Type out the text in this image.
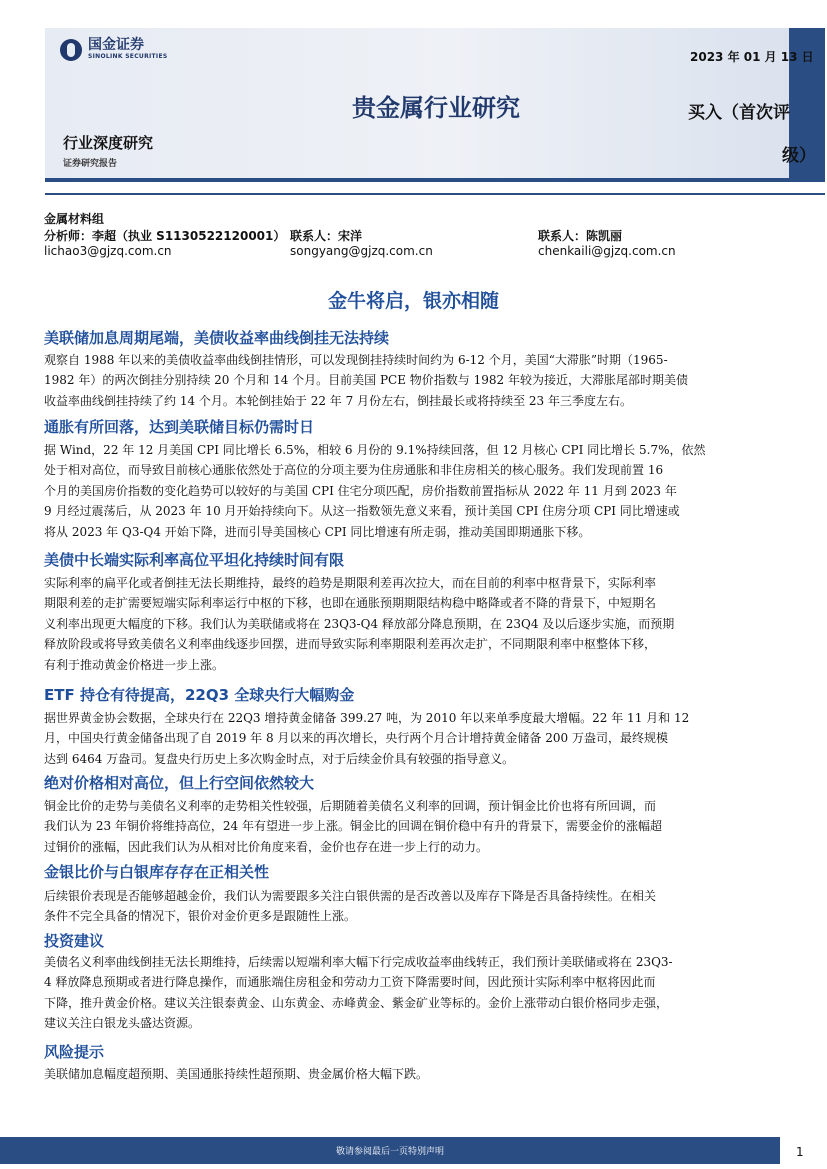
国金证券
SINOLINK SECURITIES	2023 年 01 月 13 日
贵金属行业研究	买入（首次评
级）
行业深度研究
证券研究报告
金属材料组
分析师：李超（执业 S1130522120001）
lichao3@gjzq.com.cn
联系人：宋洋
songyang@gjzq.com.cn
联系人：陈凯丽
chenkaili@gjzq.com.cn
金牛将启，银亦相随
美联储加息周期尾端，美债收益率曲线倒挂无法持续
观察自 1988 年以来的美债收益率曲线倒挂情形，可以发现倒挂持续时间约为 6-12 个月，美国“大滞胀”时期（1965-
1982 年）的两次倒挂分别持续 20 个月和 14 个月。目前美国 PCE 物价指数与 1982 年较为接近，大滞胀尾部时期美债
收益率曲线倒挂持续了约 14 个月。本轮倒挂始于 22 年 7 月份左右，倒挂最长或将持续至 23 年三季度左右。
通胀有所回落，达到美联储目标仍需时日
据 Wind，22 年 12 月美国 CPI 同比增长 6.5%，相较 6 月份的 9.1%持续回落，但 12 月核心 CPI 同比增长 5.7%，依然
处于相对高位，而导致目前核心通胀依然处于高位的分项主要为住房通胀和非住房相关的核心服务。我们发现前置 16
个月的美国房价指数的变化趋势可以较好的与美国 CPI 住宅分项匹配，房价指数前置指标从 2022 年 11 月到 2023 年
9 月经过震荡后，从 2023 年 10 月开始持续向下。从这一指数领先意义来看，预计美国 CPI 住房分项 CPI 同比增速或
将从 2023 年 Q3-Q4 开始下降，进而引导美国核心 CPI 同比增速有所走弱，推动美国即期通胀下移。
美债中长端实际利率高位平坦化持续时间有限
实际利率的扁平化或者倒挂无法长期维持，最终的趋势是期限利差再次拉大，而在目前的利率中枢背景下，实际利率
期限利差的走扩需要短端实际利率运行中枢的下移，也即在通胀预期期限结构稳中略降或者不降的背景下，中短期名
义利率出现更大幅度的下移。我们认为美联储或将在 23Q3-Q4 释放部分降息预期，在 23Q4 及以后逐步实施，而预期
释放阶段或将导致美债名义利率曲线逐步回摆，进而导致实际利率期限利差再次走扩，不同期限利率中枢整体下移，
有利于推动黄金价格进一步上涨。
ETF 持仓有待提高，22Q3 全球央行大幅购金
据世界黄金协会数据，全球央行在 22Q3 增持黄金储备 399.27 吨，为 2010 年以来单季度最大增幅。22 年 11 月和 12
月，中国央行黄金储备出现了自 2019 年 8 月以来的再次增长，央行两个月合计增持黄金储备 200 万盎司，最终规模
达到 6464 万盎司。复盘央行历史上多次购金时点，对于后续金价具有较强的指导意义。
绝对价格相对高位，但上行空间依然较大
铜金比价的走势与美债名义利率的走势相关性较强，后期随着美债名义利率的回调，预计铜金比价也将有所回调，而
我们认为 23 年铜价将维持高位，24 年有望进一步上涨。铜金比的回调在铜价稳中有升的背景下，需要金价的涨幅超
过铜价的涨幅，因此我们认为从相对比价角度来看，金价也存在进一步上行的动力。
金银比价与白银库存存在正相关性
后续银价表现是否能够超越金价，我们认为需要跟多关注白银供需的是否改善以及库存下降是否具备持续性。在相关
条件不完全具备的情况下，银价对金价更多是跟随性上涨。
投资建议
美债名义利率曲线倒挂无法长期维持，后续需以短端利率大幅下行完成收益率曲线转正，我们预计美联储或将在 23Q3-
4 释放降息预期或者进行降息操作，而通胀端住房租金和劳动力工资下降需要时间，因此预计实际利率中枢将因此而
下降，推升黄金价格。建议关注银泰黄金、山东黄金、赤峰黄金、紫金矿业等标的。金价上涨带动白银价格同步走强，
建议关注白银龙头盛达资源。
风险提示
美联储加息幅度超预期、美国通胀持续性超预期、贵金属价格大幅下跌。
敬请参阅最后一页特别声明	1
